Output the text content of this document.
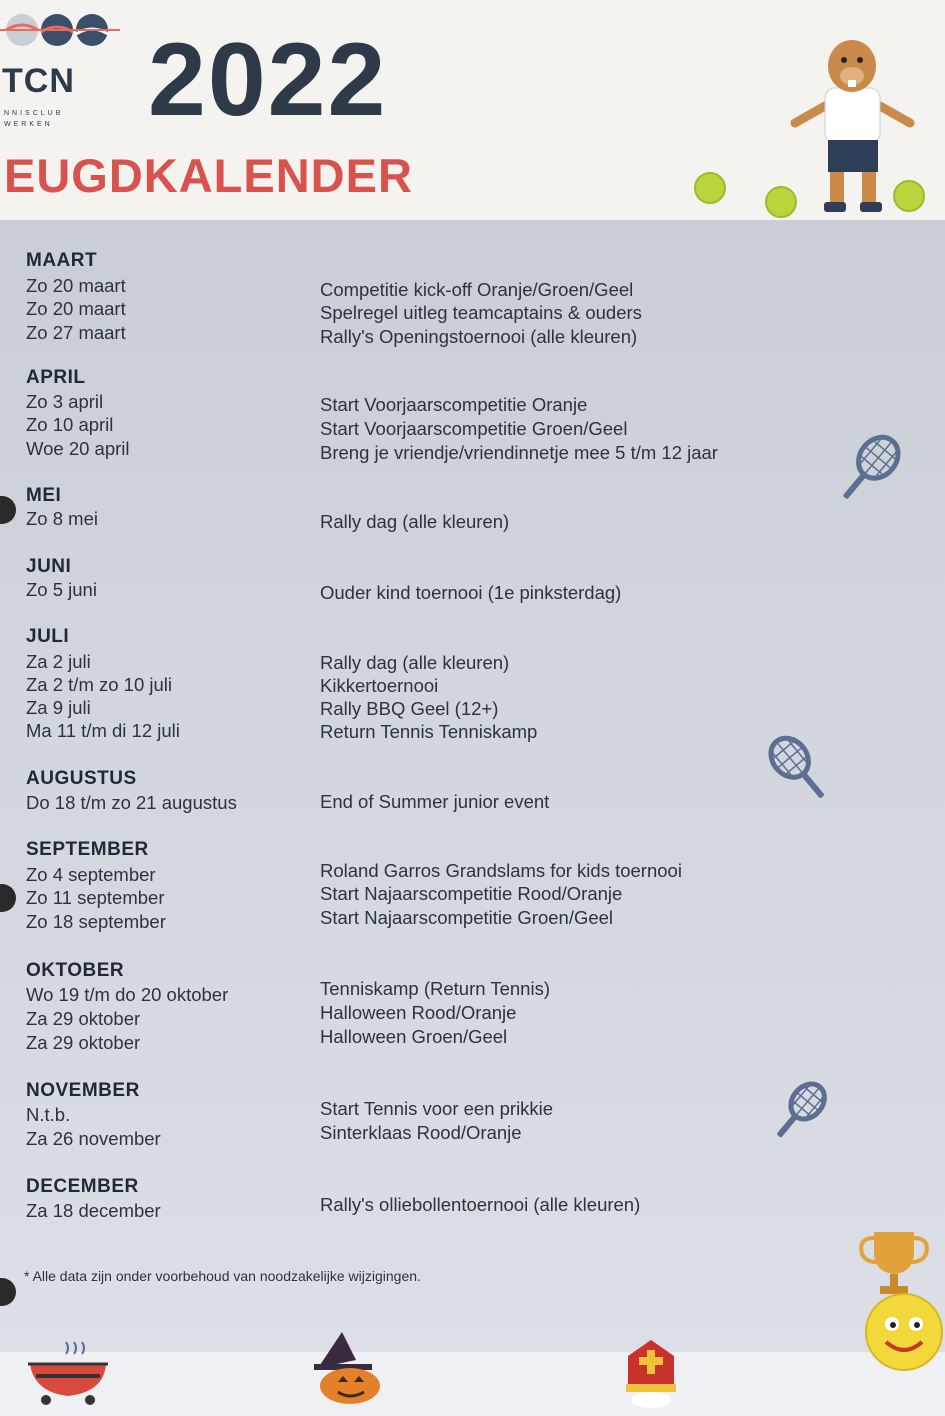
TCN
NNISCLUB
WERKEN 2022
EUGDKALENDER
MAART
Zo 20 maart	Competitie kick-off Oranje/Groen/Geel
Zo 20 maart	Spelregel uitleg teamcaptains & ouders
Zo 27 maart	Rally's Openingstoernooi (alle kleuren)
APRIL
Zo 3 april	Start Voorjaarscompetitie Oranje
Zo 10 april	Start Voorjaarscompetitie Groen/Geel
Woe 20 april	Breng je vriendje/vriendinnetje mee 5 t/m 12 jaar
MEI
Zo 8 mei	Rally dag (alle kleuren)
JUNI
Zo 5 juni	Ouder kind toernooi (1e pinksterdag)
JULI
Za 2 juli	Rally dag (alle kleuren)
Za 2 t/m zo 10 juli	Kikkertoernooi
Za 9 juli	Rally BBQ Geel (12+)
Ma 11 t/m di 12 juli	Return Tennis Tenniskamp
AUGUSTUS
Do 18 t/m zo 21 augustus	End of Summer junior event
SEPTEMBER
Zo 4 september	Roland Garros Grandslams for kids toernooi
Zo 11 september	Start Najaarscompetitie Rood/Oranje
Zo 18 september	Start Najaarscompetitie Groen/Geel
OKTOBER
Wo 19 t/m do 20 oktober	Tenniskamp (Return Tennis)
Za 29 oktober	Halloween Rood/Oranje
Za 29 oktober	Halloween Groen/Geel
NOVEMBER
N.t.b.	Start Tennis voor een prikkie
Za 26 november	Sinterklaas Rood/Oranje
DECEMBER
Za 18 december	Rally's olliebollentoernooi (alle kleuren)
* Alle data zijn onder voorbehoud van noodzakelijke wijzigingen.
